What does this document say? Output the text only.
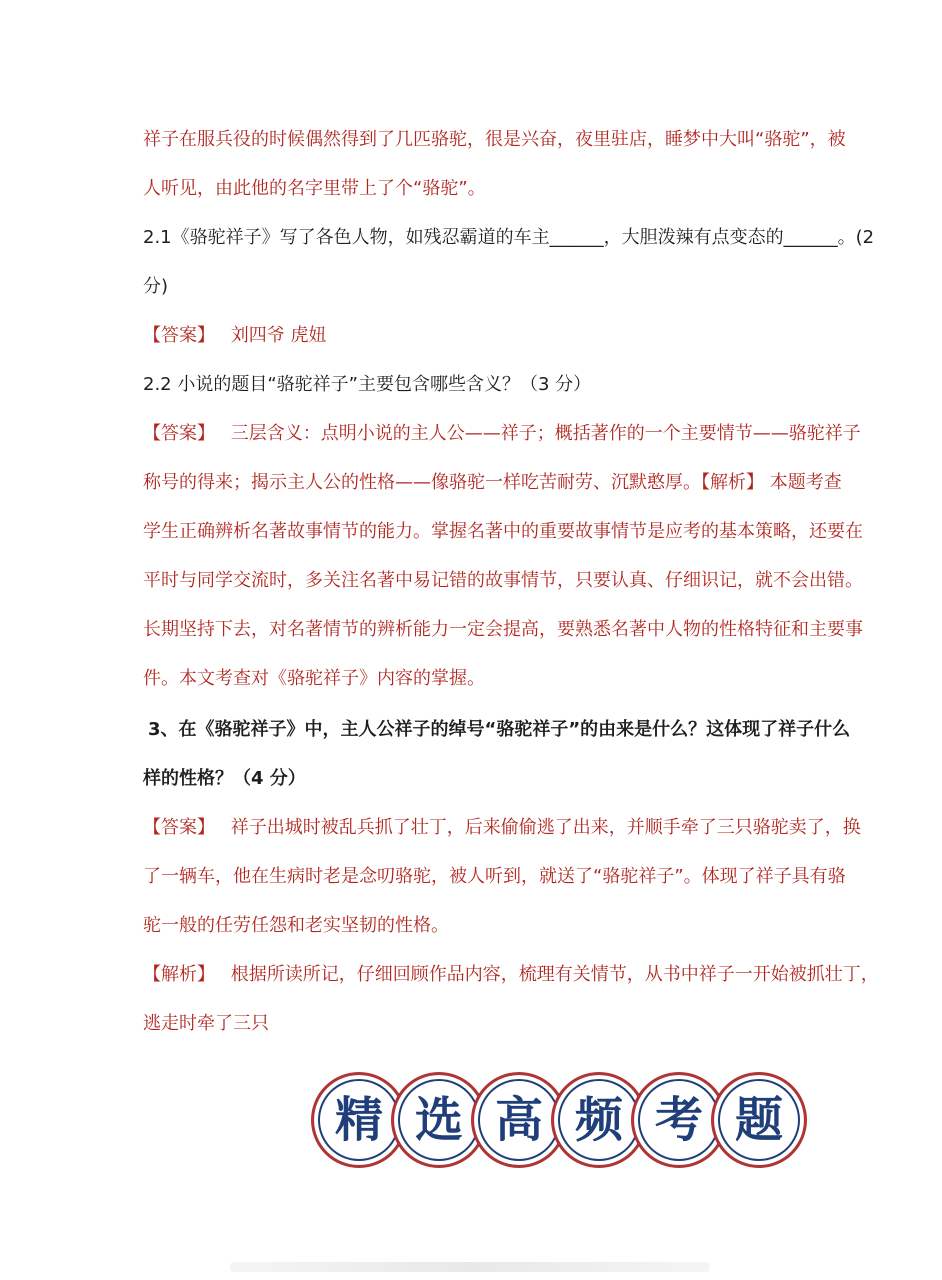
祥子在服兵役的时候偶然得到了几匹骆驼，很是兴奋，夜里驻店，睡梦中大叫“骆驼”，被
人听见，由此他的名字里带上了个“骆驼”。
2.1《骆驼祥子》写了各色人物，如残忍霸道的车主______，大胆泼辣有点变态的______。(2
分)
【答案】 刘四爷 虎妞
2.2 小说的题目“骆驼祥子”主要包含哪些含义？（3 分）
【答案】 三层含义：点明小说的主人公——祥子；概括著作的一个主要情节——骆驼祥子
称号的得来；揭示主人公的性格——像骆驼一样吃苦耐劳、沉默憨厚。【解析】 本题考查
学生正确辨析名著故事情节的能力。掌握名著中的重要故事情节是应考的基本策略，还要在
平时与同学交流时，多关注名著中易记错的故事情节，只要认真、仔细识记，就不会出错。
长期坚持下去，对名著情节的辨析能力一定会提高，要熟悉名著中人物的性格特征和主要事
件。本文考查对《骆驼祥子》内容的掌握。
3、在《骆驼祥子》中，主人公祥子的绰号“骆驼祥子”的由来是什么？这体现了祥子什么
样的性格？（4 分）
【答案】 祥子出城时被乱兵抓了壮丁，后来偷偷逃了出来，并顺手牵了三只骆驼卖了，换
了一辆车，他在生病时老是念叨骆驼，被人听到，就送了“骆驼祥子”。体现了祥子具有骆
驼一般的任劳任怨和老实坚韧的性格。
【解析】 根据所读所记，仔细回顾作品内容，梳理有关情节，从书中祥子一开始被抓壮丁，
逃走时牵了三只
精 选 高 频 考 题
